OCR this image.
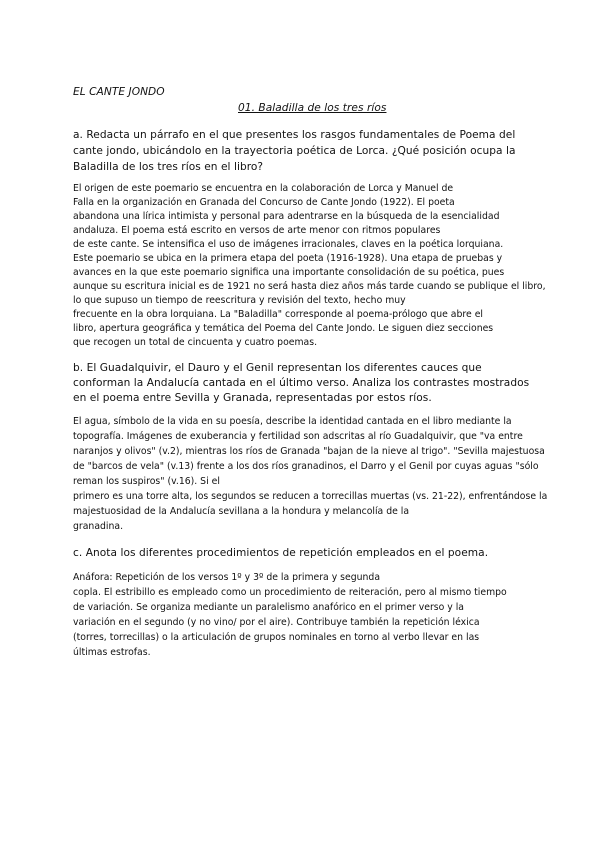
EL CANTE JONDO
01. Baladilla de los tres ríos
a. Redacta un párrafo en el que presentes los rasgos fundamentales de Poema del
cante jondo, ubicándolo en la trayectoria poética de Lorca. ¿Qué posición ocupa la
Baladilla de los tres ríos en el libro?
El origen de este poemario se encuentra en la colaboración de Lorca y Manuel de
Falla en la organización en Granada del Concurso de Cante Jondo (1922). El poeta
abandona una lírica intimista y personal para adentrarse en la búsqueda de la esencialidad
andaluza. El poema está escrito en versos de arte menor con ritmos populares
de este cante. Se intensifica el uso de imágenes irracionales, claves en la poética lorquiana.
Este poemario se ubica en la primera etapa del poeta (1916-1928). Una etapa de pruebas y
avances en la que este poemario significa una importante consolidación de su poética, pues
aunque su escritura inicial es de 1921 no será hasta diez años más tarde cuando se publique el libro,
lo que supuso un tiempo de reescritura y revisión del texto, hecho muy
frecuente en la obra lorquiana. La "Baladilla" corresponde al poema-prólogo que abre el
libro, apertura geográfica y temática del Poema del Cante Jondo. Le siguen diez secciones
que recogen un total de cincuenta y cuatro poemas.
b. El Guadalquivir, el Dauro y el Genil representan los diferentes cauces que
conforman la Andalucía cantada en el último verso. Analiza los contrastes mostrados
en el poema entre Sevilla y Granada, representadas por estos ríos.
El agua, símbolo de la vida en su poesía, describe la identidad cantada en el libro mediante la
topografía. Imágenes de exuberancia y fertilidad son adscritas al río Guadalquivir, que "va entre
naranjos y olivos" (v.2), mientras los ríos de Granada "bajan de la nieve al trigo". "Sevilla majestuosa
de "barcos de vela" (v.13) frente a los dos ríos granadinos, el Darro y el Genil por cuyas aguas "sólo
reman los suspiros" (v.16). Si el
primero es una torre alta, los segundos se reducen a torrecillas muertas (vs. 21-22), enfrentándose la
majestuosidad de la Andalucía sevillana a la hondura y melancolía de la
granadina.
c. Anota los diferentes procedimientos de repetición empleados en el poema.
Anáfora: Repetición de los versos 1º y 3º de la primera y segunda
copla. El estribillo es empleado como un procedimiento de reiteración, pero al mismo tiempo
de variación. Se organiza mediante un paralelismo anafórico en el primer verso y la
variación en el segundo (y no vino/ por el aire). Contribuye también la repetición léxica
(torres, torrecillas) o la articulación de grupos nominales en torno al verbo llevar en las
últimas estrofas.
